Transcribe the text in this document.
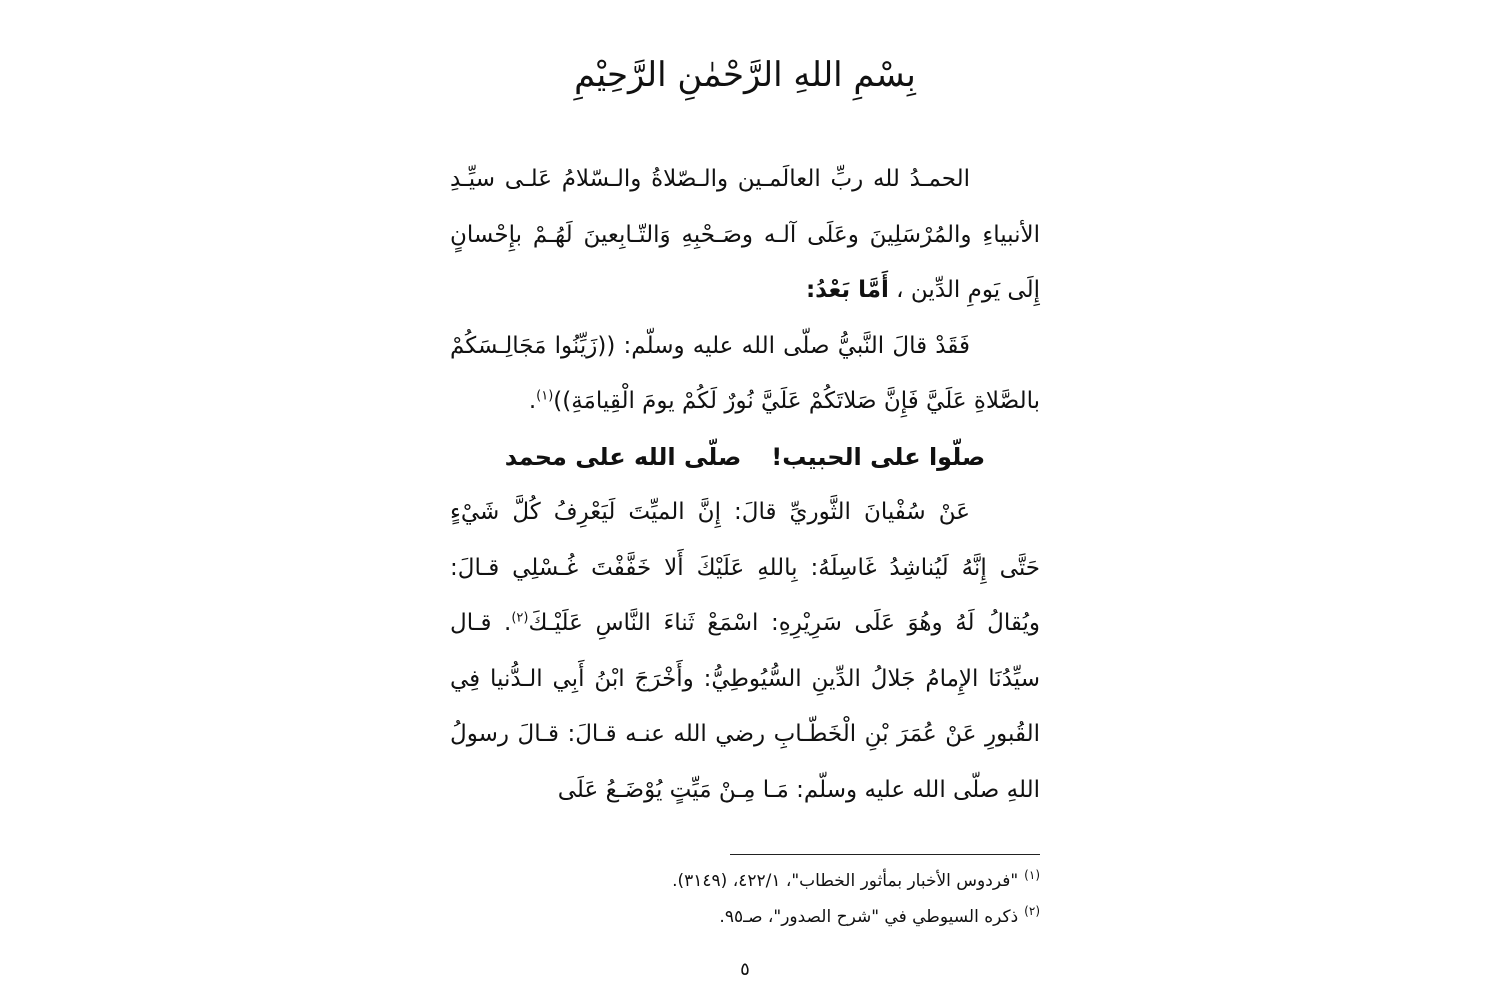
بِسْمِ اللهِ الرَّحْمٰنِ الرَّحِيْمِ

الحمـدُ لله ربِّ العالَمـين والـصّلاةُ والـسّلامُ عَلـى سيِّـدِ الأنبياءِ والمُرْسَلِينَ وعَلَى آلـه وصَـحْبِهِ وَالتّـابِعينَ لَهُـمْ بإِحْسانٍ إِلَى يَومِ الدِّين ، أَمَّا بَعْدُ:

فَقَدْ قالَ النَّبيُّ صلّى الله عليه وسلّم: ((زَيِّنُوا مَجَالِـسَكُمْ بالصَّلاةِ عَلَيَّ فَإِنَّ صَلاتَكُمْ عَلَيَّ نُورٌ لَكُمْ يومَ الْقِيامَةِ))$^{(١)}$.

صلّوا على الحبيب!صلّى الله على محمد

عَنْ سُفْيانَ الثَّوريِّ قالَ: إِنَّ الميِّتَ لَيَعْرِفُ كُلَّ شَيْءٍ حَتَّى إِنَّهُ لَيُناشِدُ غَاسِلَهُ: بِاللهِ عَلَيْكَ أَلا خَفَّفْتَ غُـسْلِي قـالَ: ويُقالُ لَهُ وهُوَ عَلَى سَرِيْرِهِ: اسْمَعْ ثَناءَ النَّاسِ عَلَيْـكَ$^{(٢)}$. قـال سيِّدُنَا الإِمامُ جَلالُ الدِّينِ السُّيُوطِيُّ: وأَخْرَجَ ابْنُ أَبِي الـدُّنيا فِي القُبورِ عَنْ عُمَرَ بْنِ الْخَطّـابِ رضي الله عنـه قـالَ: قـالَ رسولُ اللهِ صلّى الله عليه وسلّم: مَـا مِـنْ مَيِّتٍ يُوْضَـعُ عَلَى

$^{(١)}$"فردوس الأخبار بمأثور الخطاب"، ٤٢٢/١، (٣١٤٩).
$^{(٢)}$ذكره السيوطي في "شرح الصدور"، صـ٩٥.
٥
